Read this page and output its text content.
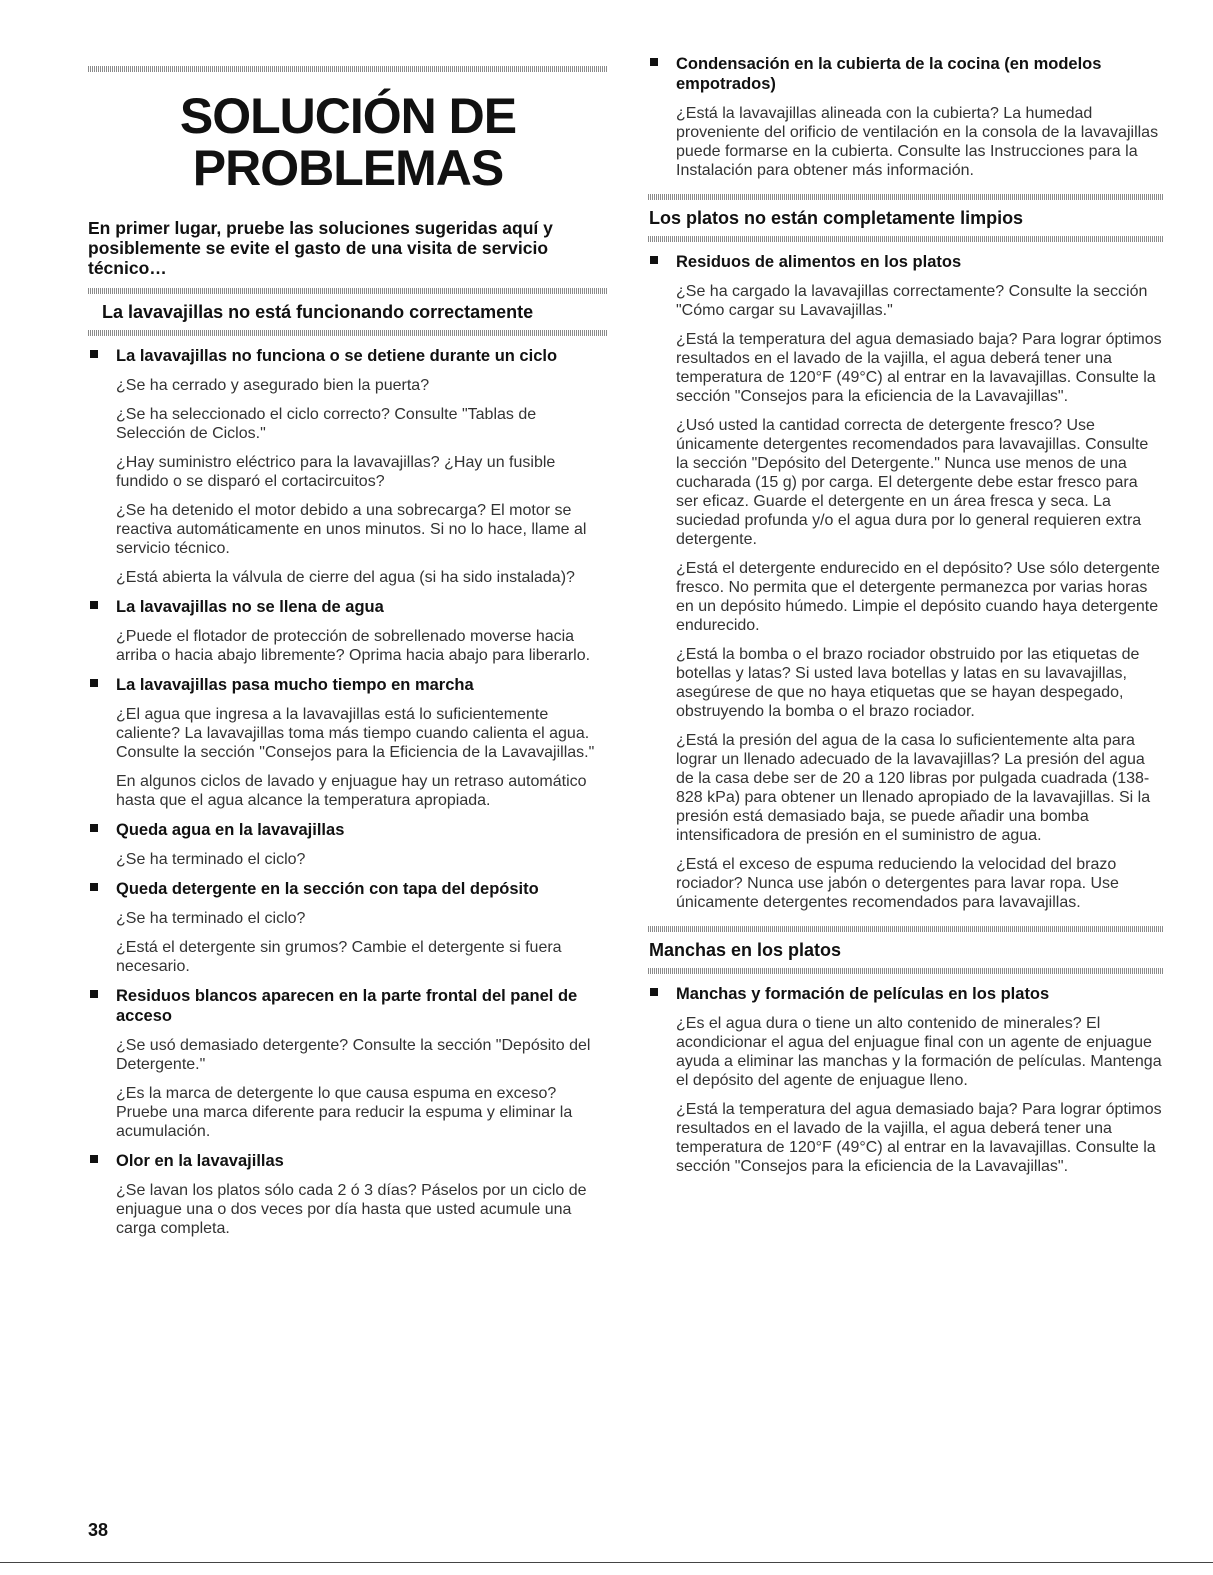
SOLUCIÓN DE
PROBLEMAS
En primer lugar, pruebe las soluciones sugeridas aquí y posiblemente se evite el gasto de una visita de servicio técnico…
La lavavajillas no está funcionando correctamente
La lavavajillas no funciona o se detiene durante un ciclo
¿Se ha cerrado y asegurado bien la puerta?
¿Se ha seleccionado el ciclo correcto? Consulte "Tablas de Selección de Ciclos."
¿Hay suministro eléctrico para la lavavajillas? ¿Hay un fusible fundido o se disparó el cortacircuitos?
¿Se ha detenido el motor debido a una sobrecarga? El motor se reactiva automáticamente en unos minutos. Si no lo hace, llame al servicio técnico.
¿Está abierta la válvula de cierre del agua (si ha sido instalada)?
La lavavajillas no se llena de agua
¿Puede el flotador de protección de sobrellenado moverse hacia arriba o hacia abajo libremente? Oprima hacia abajo para liberarlo.
La lavavajillas pasa mucho tiempo en marcha
¿El agua que ingresa a la lavavajillas está lo suficientemente caliente? La lavavajillas toma más tiempo cuando calienta el agua. Consulte la sección "Consejos para la Eficiencia de la Lavavajillas."
En algunos ciclos de lavado y enjuague hay un retraso automático hasta que el agua alcance la temperatura apropiada.
Queda agua en la lavavajillas
¿Se ha terminado el ciclo?
Queda detergente en la sección con tapa del depósito
¿Se ha terminado el ciclo?
¿Está el detergente sin grumos? Cambie el detergente si fuera necesario.
Residuos blancos aparecen en la parte frontal del panel de acceso
¿Se usó demasiado detergente? Consulte la sección "Depósito del Detergente."
¿Es la marca de detergente lo que causa espuma en exceso? Pruebe una marca diferente para reducir la espuma y eliminar la acumulación.
Olor en la lavavajillas
¿Se lavan los platos sólo cada 2 ó 3 días? Páselos por un ciclo de enjuague una o dos veces por día hasta que usted acumule una carga completa.
Condensación en la cubierta de la cocina (en modelos empotrados)
¿Está la lavavajillas alineada con la cubierta? La humedad proveniente del orificio de ventilación en la consola de la lavavajillas puede formarse en la cubierta. Consulte las Instrucciones para la Instalación para obtener más información.
Los platos no están completamente limpios
Residuos de alimentos en los platos
¿Se ha cargado la lavavajillas correctamente? Consulte la sección "Cómo cargar su Lavavajillas."
¿Está la temperatura del agua demasiado baja? Para lograr óptimos resultados en el lavado de la vajilla, el agua deberá tener una temperatura de 120°F (49°C) al entrar en la lavavajillas. Consulte la sección "Consejos para la eficiencia de la Lavavajillas".
¿Usó usted la cantidad correcta de detergente fresco? Use únicamente detergentes recomendados para lavavajillas. Consulte la sección "Depósito del Detergente." Nunca use menos de una cucharada (15 g) por carga. El detergente debe estar fresco para ser eficaz. Guarde el detergente en un área fresca y seca. La suciedad profunda y/o el agua dura por lo general requieren extra detergente.
¿Está el detergente endurecido en el depósito? Use sólo detergente fresco. No permita que el detergente permanezca por varias horas en un depósito húmedo. Limpie el depósito cuando haya detergente endurecido.
¿Está la bomba o el brazo rociador obstruido por las etiquetas de botellas y latas? Si usted lava botellas y latas en su lavavajillas, asegúrese de que no haya etiquetas que se hayan despegado, obstruyendo la bomba o el brazo rociador.
¿Está la presión del agua de la casa lo suficientemente alta para lograr un llenado adecuado de la lavavajillas? La presión del agua de la casa debe ser de 20 a 120 libras por pulgada cuadrada (138-828 kPa) para obtener un llenado apropiado de la lavavajillas. Si la presión está demasiado baja, se puede añadir una bomba intensificadora de presión en el suministro de agua.
¿Está el exceso de espuma reduciendo la velocidad del brazo rociador? Nunca use jabón o detergentes para lavar ropa. Use únicamente detergentes recomendados para lavavajillas.
Manchas en los platos
Manchas y formación de películas en los platos
¿Es el agua dura o tiene un alto contenido de minerales? El acondicionar el agua del enjuague final con un agente de enjuague ayuda a eliminar las manchas y la formación de películas. Mantenga el depósito del agente de enjuague lleno.
¿Está la temperatura del agua demasiado baja? Para lograr óptimos resultados en el lavado de la vajilla, el agua deberá tener una temperatura de 120°F (49°C) al entrar en la lavavajillas. Consulte la sección "Consejos para la eficiencia de la Lavavajillas".
38
